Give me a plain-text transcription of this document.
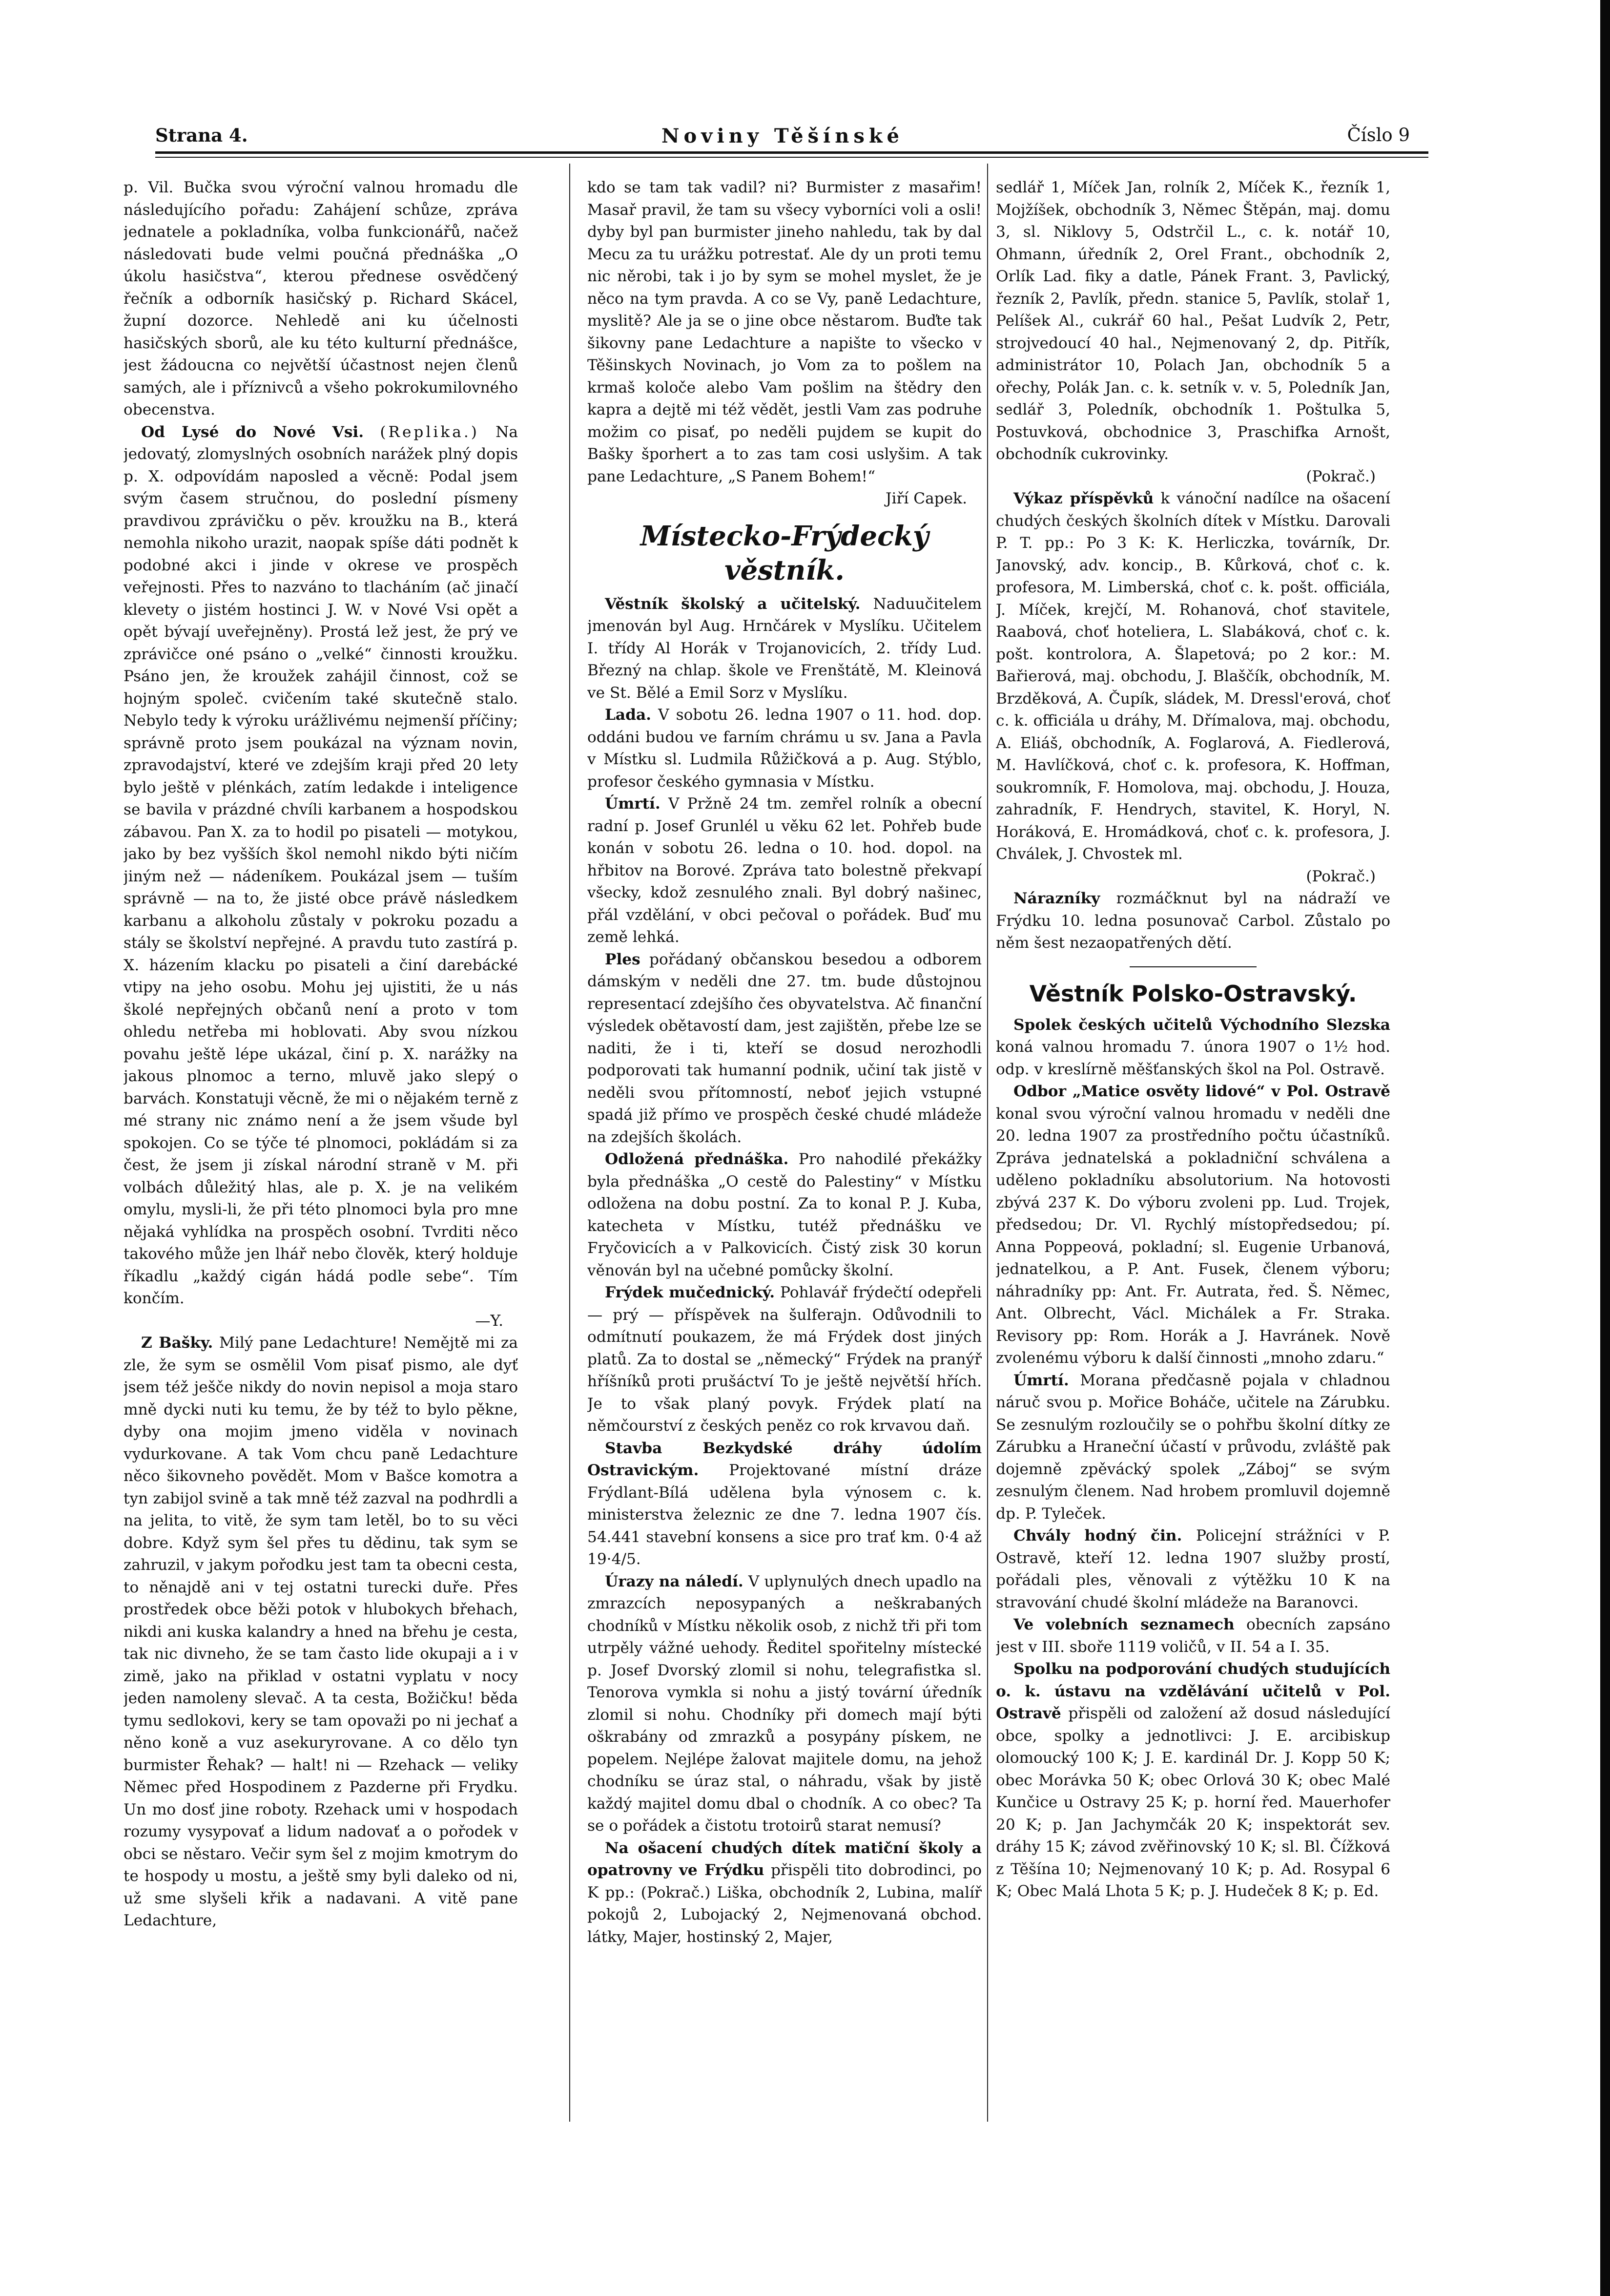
Strana 4.	Noviny Těšínské	Číslo 9

p. Vil. Bučka svou výroční valnou hromadu dle následujícího pořadu: Zahájení schůze, zpráva jednatele a pokladníka, volba funkcionářů, načež následovati bude velmi poučná přednáška „O úkolu hasičstva“, kterou přednese osvědčený řečník a odborník hasičský p. Richard Skácel, župní dozorce. Nehledě ani ku účelnosti hasičských sborů, ale ku této kulturní přednášce, jest žádoucna co největší účastnost nejen členů samých, ale i příznivců a všeho pokrokumilovného obecenstva.

Od Lysé do Nové Vsi. (Replika.) Na jedovatý, zlomyslných osobních narážek plný dopis p. X. odpovídám naposled a věcně: Podal jsem svým časem stručnou, do poslední písmeny pravdivou zprávičku o pěv. kroužku na B., která nemohla nikoho urazit, naopak spíše dáti podnět k podobné akci i jinde v okrese ve prospěch veřejnosti. Přes to nazváno to tlacháním (ač jinačí klevety o jistém hostinci J. W. v Nové Vsi opět a opět bývají uveřejněny). Prostá lež jest, že prý ve zprávičce oné psáno o „velké“ činnosti kroužku. Psáno jen, že kroužek zahájil činnost, což se hojným společ. cvičením také skutečně stalo. Nebylo tedy k výroku urážlivému nejmenší příčiny; správně proto jsem poukázal na význam novin, zpravodajství, které ve zdejším kraji před 20 lety bylo ještě v plénkách, zatím ledakde i inteligence se bavila v prázdné chvíli karbanem a hospodskou zábavou. Pan X. za to hodil po pisateli — motykou, jako by bez vyšších škol nemohl nikdo býti ničím jiným než — nádeníkem. Poukázal jsem — tuším správně — na to, že jisté obce právě následkem karbanu a alkoholu zůstaly v pokroku pozadu a stály se školství nepřejné. A pravdu tuto zastírá p. X. házením klacku po pisateli a činí darebácké vtipy na jeho osobu. Mohu jej ujistiti, že u nás školé nepřejných občanů není a proto v tom ohledu netřeba mi hoblovati. Aby svou nízkou povahu ještě lépe ukázal, činí p. X. narážky na jakous plnomoc a terno, mluvě jako slepý o barvách. Konstatuji věcně, že mi o nějakém terně z mé strany nic známo není a že jsem všude byl spokojen. Co se týče té plnomoci, pokládám si za čest, že jsem ji získal národní straně v M. při volbách důležitý hlas, ale p. X. je na velikém omylu, mysli-li, že při této plnomoci byla pro mne nějaká vyhlídka na prospěch osobní. Tvrditi něco takového může jen lhář nebo člověk, který holduje říkadlu „každý cigán hádá podle sebe“. Tím končím.

—Y.

Z Bašky. Milý pane Ledachture! Nemějtě mi za zle, že sym se osmělil Vom pisať pismo, ale dyť jsem též ješče nikdy do novin nepisol a moja staro mně dycki nuti ku temu, že by též to bylo pěkne, dyby ona mojim jmeno viděla v novinach vydurkovane. A tak Vom chcu paně Ledachture něco šikovneho povědět. Mom v Bašce komotra a tyn zabijol svině a tak mně též zazval na podhrdli a na jelita, to vitě, že sym tam letěl, bo to su věci dobre. Když sym šel přes tu dědinu, tak sym se zahruzil, v jakym pořodku jest tam ta obecni cesta, to něnajdě ani v tej ostatni turecki duře. Přes prostředek obce běži potok v hlubokych břehach, nikdi ani kuska kalandry a hned na břehu je cesta, tak nic divneho, že se tam často lide okupaji a i v zimě, jako na přiklad v ostatni vyplatu v nocy jeden namoleny slevač. A ta cesta, Božičku! běda tymu sedlokovi, kery se tam opovaži po ni jechať a něno koně a vuz asekuryrovane. A co dělo tyn burmister Řehak? — halt! ni — Rzehack — veliky Němec před Hospodinem z Pazderne při Frydku. Un mo dosť jine roboty. Rzehack umi v hospodach rozumy vysypovať a lidum nadovať a o pořodek v obci se něstaro. Večir sym šel z mojim kmotrym do te hospody u mostu, a ještě smy byli daleko od ni, už sme slyšeli křik a nadavani. A vitě pane Ledachture,

kdo se tam tak vadil? ni? Burmister z masařim! Masař pravil, že tam su všecy vyborníci voli a osli! dyby byl pan burmister jineho nahledu, tak by dal Mecu za tu urážku potrestať. Ale dy un proti temu nic něrobi, tak i jo by sym se mohel myslet, že je něco na tym pravda. A co se Vy, paně Ledachture, myslitě? Ale ja se o jine obce něstarom. Buďte tak šikovny pane Ledachture a napište to všecko v Těšinskych Novinach, jo Vom za to pošlem na krmaš koloče alebo Vam pošlim na štědry den kapra a dejtě mi též vědět, jestli Vam zas podruhe možim co pisať, po neděli pujdem se kupit do Bašky šporhert a to zas tam cosi uslyšim. A tak pane Ledachture, „S Panem Bohem!“

Jiří Capek.

Místecko-Frýdecký věstník.

Věstník školský a učitelský. Naduučitelem jmenován byl Aug. Hrnčárek v Myslíku. Učitelem I. třídy Al Horák v Trojanovicích, 2. třídy Lud. Březný na chlap. škole ve Frenštátě, M. Kleinová ve St. Bělé a Emil Sorz v Myslíku.

Lada. V sobotu 26. ledna 1907 o 11. hod. dop. oddáni budou ve farním chrámu u sv. Jana a Pavla v Místku sl. Ludmila Růžičková a p. Aug. Stýblo, profesor českého gymnasia v Místku.

Úmrtí. V Pržně 24 tm. zemřel rolník a obecní radní p. Josef Grunlél u věku 62 let. Pohřeb bude konán v sobotu 26. ledna o 10. hod. dopol. na hřbitov na Borové. Zpráva tato bolestně překvapí všecky, kdož zesnulého znali. Byl dobrý našinec, přál vzdělání, v obci pečoval o pořádek. Buď mu země lehká.

Ples pořádaný občanskou besedou a odborem dámským v neděli dne 27. tm. bude důstojnou representací zdejšího čes obyvatelstva. Ač finanční výsledek obětavostí dam, jest zajištěn, přebe lze se naditi, že i ti, kteří se dosud nerozhodli podporovati tak humanní podnik, učiní tak jistě v neděli svou přítomností, neboť jejich vstupné spadá již přímo ve prospěch české chudé mládeže na zdejších školách.

Odložená přednáška. Pro nahodilé překážky byla přednáška „O cestě do Palestiny“ v Místku odložena na dobu postní. Za to konal P. J. Kuba, katecheta v Místku, tutéž přednášku ve Fryčovicích a v Palkovicích. Čistý zisk 30 korun věnován byl na učebné pomůcky školní.

Frýdek mučednický. Pohlavář frýdečtí odepřeli — prý — příspěvek na šulferajn. Odůvodnili to odmítnutí poukazem, že má Frýdek dost jiných platů. Za to dostal se „německý“ Frýdek na pranýř hříšníků proti prušáctví To je ještě největší hřích. Je to však planý povyk. Frýdek platí na němčourství z českých peněz co rok krvavou daň.

Stavba Bezkydské dráhy údolím Ostravickým. Projektované místní dráze Frýdlant-Bílá udělena byla výnosem c. k. ministerstva železnic ze dne 7. ledna 1907 čís. 54.441 stavební konsens a sice pro trať km. 0·4 až 19·4/5.

Úrazy na náledí. V uplynulých dnech upadlo na zmrazcích neposypaných a neškrabaných chodníků v Místku několik osob, z nichž tři při tom utrpěly vážné uehody. Ředitel spořitelny místecké p. Josef Dvorský zlomil si nohu, telegrafistka sl. Tenorova vymkla si nohu a jistý tovární úředník zlomil si nohu. Chodníky při domech mají býti oškrabány od zmrazků a posypány pískem, ne popelem. Nejlépe žalovat majitele domu, na jehož chodníku se úraz stal, o náhradu, však by jistě každý majitel domu dbal o chodník. A co obec? Ta se o pořádek a čistotu trotoirů starat nemusí?

Na ošacení chudých dítek matiční školy a opatrovny ve Frýdku přispěli tito dobrodinci, po K pp.: (Pokrač.) Liška, obchodník 2, Lubina, malíř pokojů 2, Lubojacký 2, Nejmenovaná obchod. látky, Majer, hostinský 2, Majer,

sedlář 1, Míček Jan, rolník 2, Míček K., řezník 1, Mojžíšek, obchodník 3, Němec Štěpán, maj. domu 3, sl. Niklovy 5, Odstrčil L., c. k. notář 10, Ohmann, úředník 2, Orel Frant., obchodník 2, Orlík Lad. fiky a datle, Pánek Frant. 3, Pavlický, řezník 2, Pavlík, předn. stanice 5, Pavlík, stolař 1, Pelíšek Al., cukrář 60 hal., Pešat Ludvík 2, Petr, strojvedoucí 40 hal., Nejmenovaný 2, dp. Pitřík, administrátor 10, Polach Jan, obchodník 5 a ořechy, Polák Jan. c. k. setník v. v. 5, Poledník Jan, sedlář 3, Poledník, obchodník 1. Poštulka 5, Postuvková, obchodnice 3, Praschifka Arnošt, obchodník cukrovinky.

(Pokrač.)

Výkaz příspěvků k vánoční nadílce na ošacení chudých českých školních dítek v Místku. Darovali P. T. pp.: Po 3 K: K. Herliczka, továrník, Dr. Janovský, adv. koncip., B. Kůrková, choť c. k. profesora, M. Limberská, choť c. k. pošt. officiála, J. Míček, krejčí, M. Rohanová, choť stavitele, Raabová, choť hoteliera, L. Slabáková, choť c. k. pošt. kontrolora, A. Šlapetová; po 2 kor.: M. Bařierová, maj. obchodu, J. Blaščík, obchodník, M. Brzděková, A. Čupík, sládek, M. Dressl'erová, choť c. k. officiála u dráhy, M. Dřímalova, maj. obchodu, A. Eliáš, obchodník, A. Foglarová, A. Fiedlerová, M. Havlíčková, choť c. k. profesora, K. Hoffman, soukromník, F. Homolova, maj. obchodu, J. Houza, zahradník, F. Hendrych, stavitel, K. Horyl, N. Horáková, E. Hromádková, choť c. k. profesora, J. Chválek, J. Chvostek ml.

(Pokrač.)

Nárazníky rozmáčknut byl na nádraží ve Frýdku 10. ledna posunovač Carbol. Zůstalo po něm šest nezaopatřených dětí.

Věstník Polsko-Ostravský.

Spolek českých učitelů Východního Slezska koná valnou hromadu 7. února 1907 o 1½ hod. odp. v kreslírně měšťanských škol na Pol. Ostravě.

Odbor „Matice osvěty lidové“ v Pol. Ostravě konal svou výroční valnou hromadu v neděli dne 20. ledna 1907 za prostředního počtu účastníků. Zpráva jednatelská a pokladniční schválena a uděleno pokladníku absolutorium. Na hotovosti zbývá 237 K. Do výboru zvoleni pp. Lud. Trojek, předsedou; Dr. Vl. Rychlý místopředsedou; pí. Anna Poppeová, pokladní; sl. Eugenie Urbanová, jednatelkou, a P. Ant. Fusek, členem výboru; náhradníky pp: Ant. Fr. Autrata, řed. Š. Němec, Ant. Olbrecht, Václ. Michálek a Fr. Straka. Revisory pp: Rom. Horák a J. Havránek. Nově zvolenému výboru k další činnosti „mnoho zdaru.“

Úmrtí. Morana předčasně pojala v chladnou náruč svou p. Mořice Boháče, učitele na Zárubku. Se zesnulým rozloučily se o pohřbu školní dítky ze Zárubku a Hraneční účastí v průvodu, zvláště pak dojemně zpěvácký spolek „Záboj“ se svým zesnulým členem. Nad hrobem promluvil dojemně dp. P. Tyleček.

Chvály hodný čin. Policejní strážníci v P. Ostravě, kteří 12. ledna 1907 služby prostí, pořádali ples, věnovali z výtěžku 10 K na stravování chudé školní mládeže na Baranovci.

Ve volebních seznamech obecních zapsáno jest v III. sboře 1119 voličů, v II. 54 a I. 35.

Spolku na podporování chudých studujících o. k. ústavu na vzdělávání učitelů v Pol. Ostravě přispěli od založení až dosud následující obce, spolky a jednotlivci: J. E. arcibiskup olomoucký 100 K; J. E. kardinál Dr. J. Kopp 50 K; obec Morávka 50 K; obec Orlová 30 K; obec Malé Kunčice u Ostravy 25 K; p. horní řed. Mauerhofer 20 K; p. Jan Jachymčák 20 K; inspektorát sev. dráhy 15 K; závod zvěřinovský 10 K; sl. Bl. Čížková z Těšína 10; Nejmenovaný 10 K; p. Ad. Rosypal 6 K; Obec Malá Lhota 5 K; p. J. Hudeček 8 K; p. Ed.
